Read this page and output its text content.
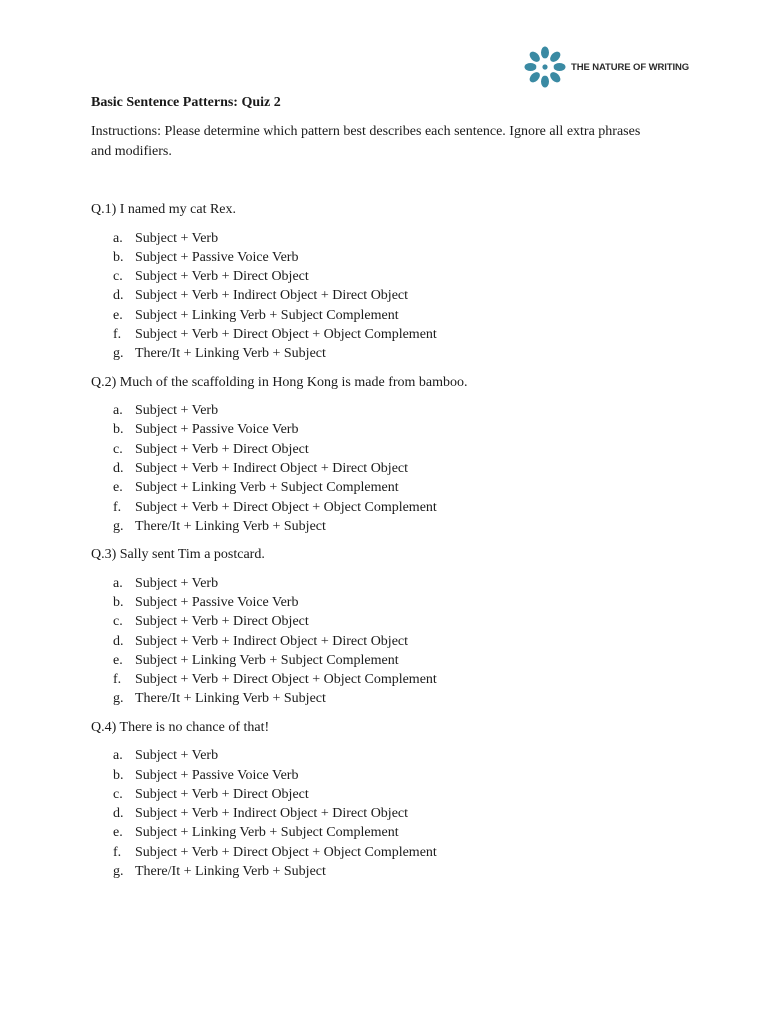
THE NATURE OF WRITING

Basic Sentence Patterns: Quiz 2

Instructions: Please determine which pattern best describes each sentence. Ignore all extra phrases and modifiers.

Q.1) I named my cat Rex.

a. Subject + Verb
b. Subject + Passive Voice Verb
c. Subject + Verb + Direct Object
d. Subject + Verb + Indirect Object + Direct Object
e. Subject + Linking Verb + Subject Complement
f. Subject + Verb + Direct Object + Object Complement
g. There/It + Linking Verb + Subject

Q.2) Much of the scaffolding in Hong Kong is made from bamboo.

a. Subject + Verb
b. Subject + Passive Voice Verb
c. Subject + Verb + Direct Object
d. Subject + Verb + Indirect Object + Direct Object
e. Subject + Linking Verb + Subject Complement
f. Subject + Verb + Direct Object + Object Complement
g. There/It + Linking Verb + Subject

Q.3) Sally sent Tim a postcard.

a. Subject + Verb
b. Subject + Passive Voice Verb
c. Subject + Verb + Direct Object
d. Subject + Verb + Indirect Object + Direct Object
e. Subject + Linking Verb + Subject Complement
f. Subject + Verb + Direct Object + Object Complement
g. There/It + Linking Verb + Subject

Q.4) There is no chance of that!

a. Subject + Verb
b. Subject + Passive Voice Verb
c. Subject + Verb + Direct Object
d. Subject + Verb + Indirect Object + Direct Object
e. Subject + Linking Verb + Subject Complement
f. Subject + Verb + Direct Object + Object Complement
g. There/It + Linking Verb + Subject
